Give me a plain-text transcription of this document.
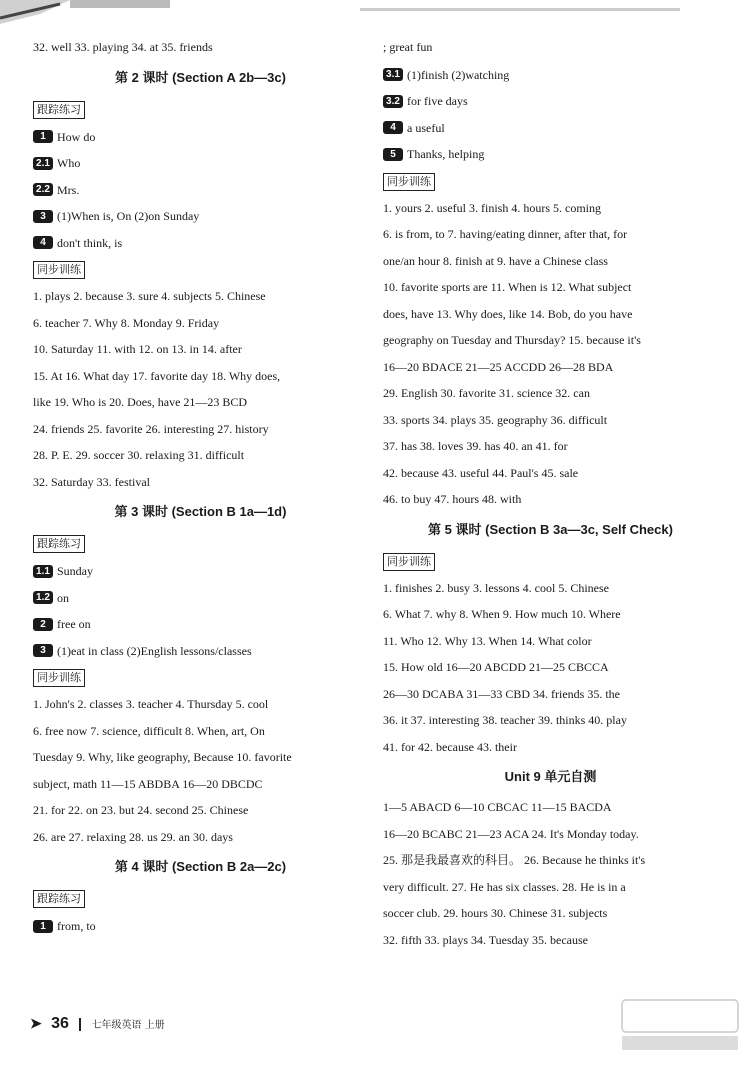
32. well 33. playing 34. at 35. friends
第 2 课时 (Section A 2b—3c)
跟踪练习
1 How do
2.1 Who
2.2 Mrs.
3 (1)When is, On (2)on Sunday
4 don't think, is
同步训练
1. plays 2. because 3. sure 4. subjects 5. Chinese
6. teacher 7. Why 8. Monday 9. Friday
10. Saturday 11. with 12. on 13. in 14. after
15. At 16. What day 17. favorite day 18. Why does,
like 19. Who is 20. Does, have 21—23 BCD
24. friends 25. favorite 26. interesting 27. history
28. P. E. 29. soccer 30. relaxing 31. difficult
32. Saturday 33. festival
第 3 课时 (Section B 1a—1d)
跟踪练习
1.1 Sunday
1.2 on
2 free on
3 (1)eat in class (2)English lessons/classes
同步训练
1. John's 2. classes 3. teacher 4. Thursday 5. cool
6. free now 7. science, difficult 8. When, art, On
Tuesday 9. Why, like geography, Because 10. favorite
subject, math 11—15 ABDBA 16—20 DBCDC
21. for 22. on 23. but 24. second 25. Chinese
26. are 27. relaxing 28. us 29. an 30. days
第 4 课时 (Section B 2a—2c)
跟踪练习
1 from, to
; great fun
3.1 (1)finish (2)watching
3.2 for five days
4 a useful
5 Thanks, helping
同步训练
1. yours 2. useful 3. finish 4. hours 5. coming
6. is from, to 7. having/eating dinner, after that, for
one/an hour 8. finish at 9. have a Chinese class
10. favorite sports are 11. When is 12. What subject
does, have 13. Why does, like 14. Bob, do you have
geography on Tuesday and Thursday? 15. because it's
16—20 BDACE 21—25 ACCDD 26—28 BDA
29. English 30. favorite 31. science 32. can
33. sports 34. plays 35. geography 36. difficult
37. has 38. loves 39. has 40. an 41. for
42. because 43. useful 44. Paul's 45. sale
46. to buy 47. hours 48. with
第 5 课时 (Section B 3a—3c, Self Check)
同步训练
1. finishes 2. busy 3. lessons 4. cool 5. Chinese
6. What 7. why 8. When 9. How much 10. Where
11. Who 12. Why 13. When 14. What color
15. How old 16—20 ABCDD 21—25 CBCCA
26—30 DCABA 31—33 CBD 34. friends 35. the
36. it 37. interesting 38. teacher 39. thinks 40. play
41. for 42. because 43. their
Unit 9 单元自测
1—5 ABACD 6—10 CBCAC 11—15 BACDA
16—20 BCABC 21—23 ACA 24. It's Monday today.
25. 那是我最喜欢的科目。 26. Because he thinks it's
very difficult. 27. He has six classes. 28. He is in a
soccer club. 29. hours 30. Chinese 31. subjects
32. fifth 33. plays 34. Tuesday 35. because
➤ 36 七年级英语 上册
